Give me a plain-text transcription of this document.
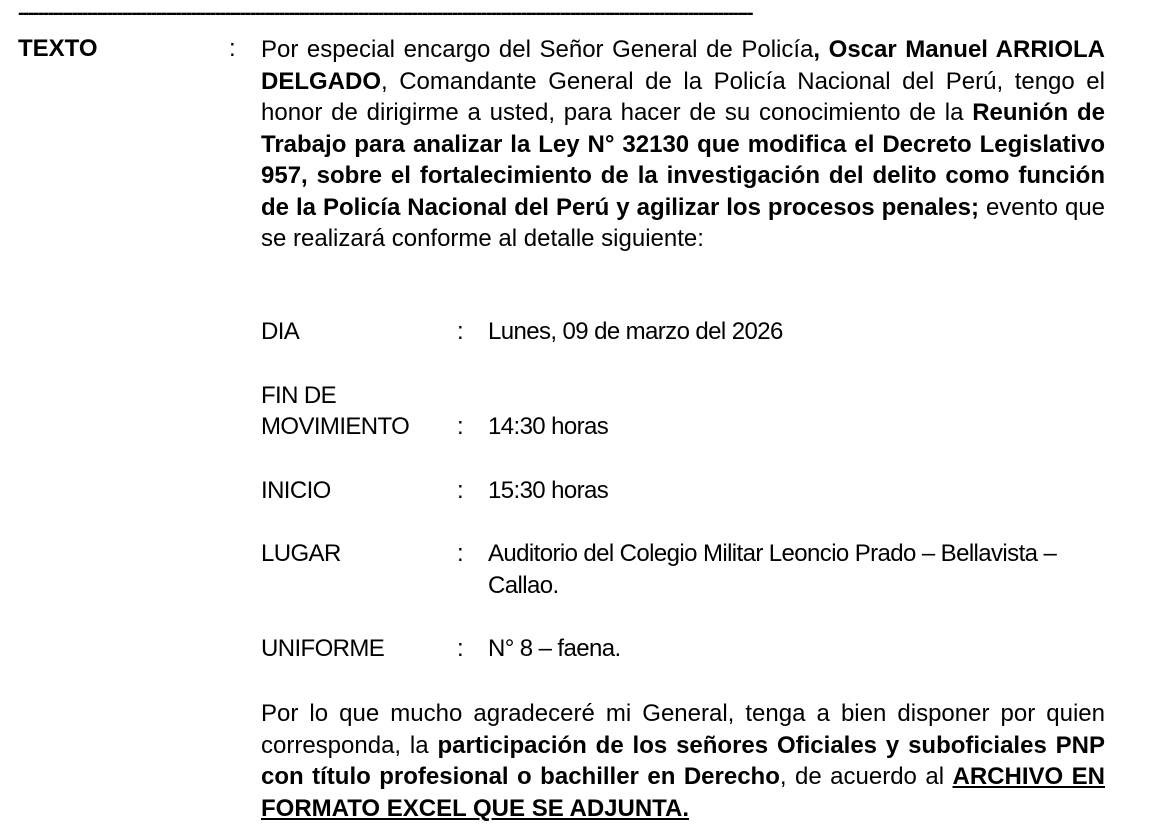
-----------------------------------------------------------------------------------------------------------------------------------------------------
TEXTO	: Por especial encargo del Señor General de Policía, Oscar Manuel ARRIOLA DELGADO, Comandante General de la Policía Nacional del Perú, tengo el honor de dirigirme a usted, para hacer de su conocimiento de la Reunión de Trabajo para analizar la Ley N° 32130 que modifica el Decreto Legislativo 957, sobre el fortalecimiento de la investigación del delito como función de la Policía Nacional del Perú y agilizar los procesos penales; evento que se realizará conforme al detalle siguiente:
DIA	: Lunes, 09 de marzo del 2026
FIN DE
MOVIMIENTO	: 14:30 horas
INICIO	: 15:30 horas
LUGAR	: Auditorio del Colegio Militar Leoncio Prado – Bellavista – Callao.
UNIFORME	: N° 8 – faena.
Por lo que mucho agradeceré mi General, tenga a bien disponer por quien corresponda, la participación de los señores Oficiales y suboficiales PNP con título profesional o bachiller en Derecho, de acuerdo al ARCHIVO EN FORMATO EXCEL QUE SE ADJUNTA.
